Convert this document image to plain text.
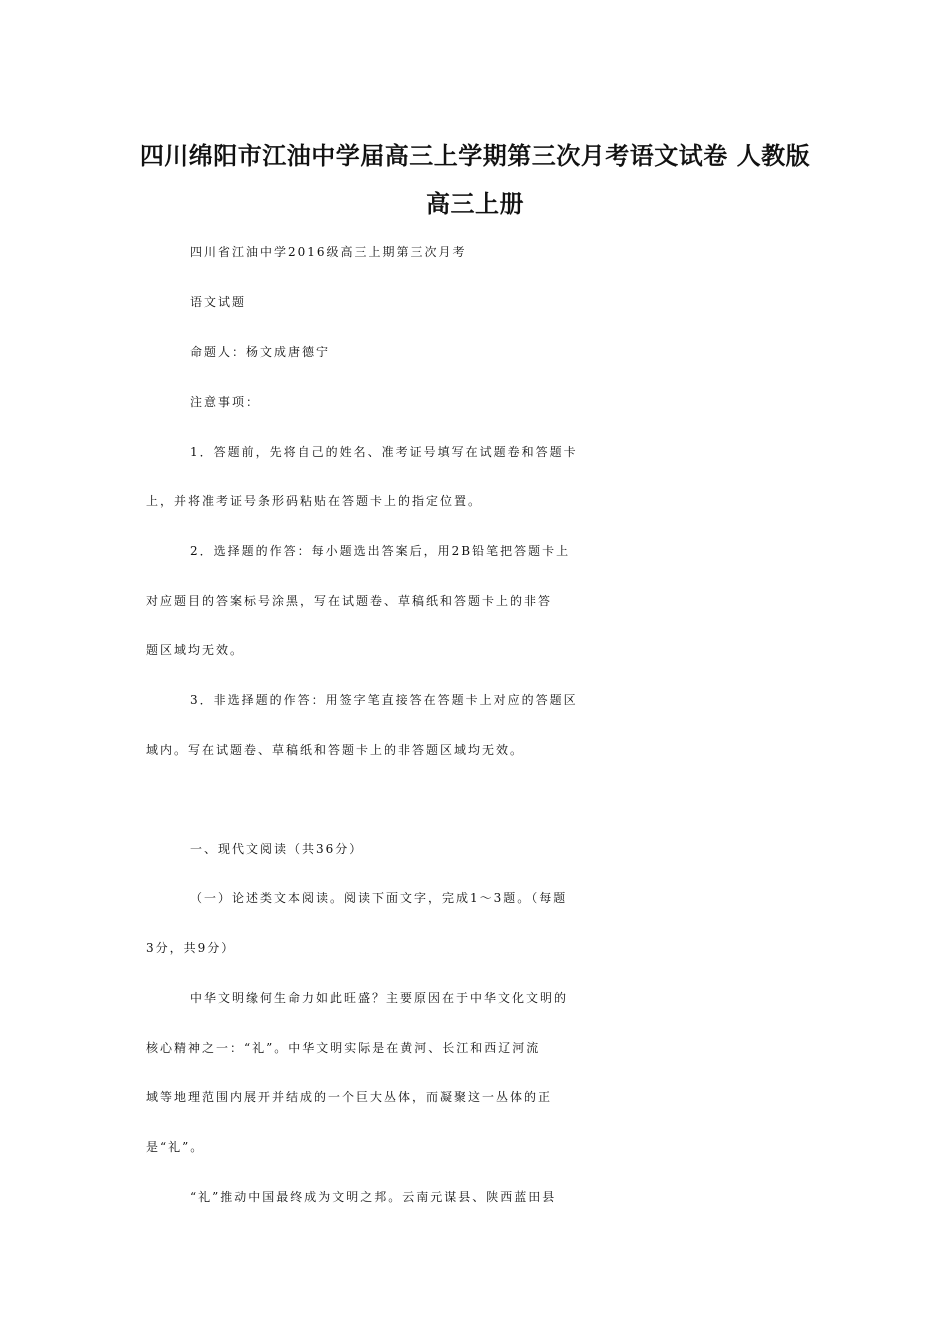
四川绵阳市江油中学届高三上学期第三次月考语文试卷 人教版
高三上册
四川省江油中学2016级高三上期第三次月考
语文试题
命题人：杨文成唐德宁
注意事项：
1．答题前，先将自己的姓名、准考证号填写在试题卷和答题卡
上，并将准考证号条形码粘贴在答题卡上的指定位置。
2．选择题的作答：每小题选出答案后，用2B铅笔把答题卡上
对应题目的答案标号涂黑，写在试题卷、草稿纸和答题卡上的非答
题区域均无效。
3．非选择题的作答：用签字笔直接答在答题卡上对应的答题区
域内。写在试题卷、草稿纸和答题卡上的非答题区域均无效。
一、现代文阅读（共36分）
（一）论述类文本阅读。阅读下面文字，完成1～3题。（每题
3分，共9分）
中华文明缘何生命力如此旺盛？主要原因在于中华文化文明的
核心精神之一：“礼”。中华文明实际是在黄河、长江和西辽河流
域等地理范围内展开并结成的一个巨大丛体，而凝聚这一丛体的正
是“礼”。
“礼”推动中国最终成为文明之邦。云南元谋县、陕西蓝田县
